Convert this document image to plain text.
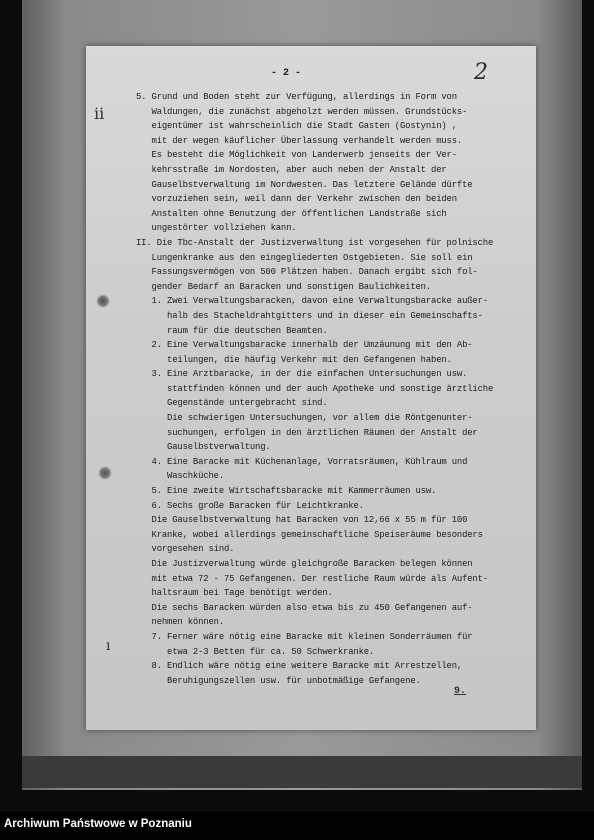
- 2 -	2
5. Grund und Boden steht zur Verfügung, allerdings in Form von
Waldungen, die zunächst abgeholzt werden müssen. Grundstücks-
eigentümer ist wahrscheinlich die Stadt Gasten (Gostynin) ,
mit der wegen käuflicher Überlassung verhandelt werden muss.
Es besteht die Möglichkeit von Landerwerb jenseits der Ver-
kehrsstraße im Nordosten, aber auch neben der Anstalt der
Gauselbstverwaltung im Nordwesten. Das letztere Gelände dürfte
vorzuziehen sein, weil dann der Verkehr zwischen den beiden
Anstalten ohne Benutzung der öffentlichen Landstraße sich
ungestörter vollziehen kann.
II. Die Tbc-Anstalt der Justizverwaltung ist vorgesehen für polnische
Lungenkranke aus den eingegliederten Ostgebieten. Sie soll ein
Fassungsvermögen von 500 Plätzen haben. Danach ergibt sich fol-
gender Bedarf an Baracken und sonstigen Baulichkeiten.
1. Zwei Verwaltungsbaracken, davon eine Verwaltungsbaracke außer-
halb des Stacheldrahtgitters und in dieser ein Gemeinschafts-
raum für die deutschen Beamten.
2. Eine Verwaltungsbaracke innerhalb der Umzäunung mit den Ab-
teilungen, die häufig Verkehr mit den Gefangenen haben.
3. Eine Arztbaracke, in der die einfachen Untersuchungen usw.
stattfinden können und der auch Apotheke und sonstige ärztliche
Gegenstände untergebracht sind.
Die schwierigen Untersuchungen, vor allem die Röntgenunter-
suchungen, erfolgen in den ärztlichen Räumen der Anstalt der
Gauselbstverwaltung.
4. Eine Baracke mit Küchenanlage, Vorratsräumen, Kühlraum und
Waschküche.
5. Eine zweite Wirtschaftsbaracke mit Kammerräumen usw.
6. Sechs große Baracken für Leichtkranke.
Die Gauselbstverwaltung hat Baracken von 12,66 x 55 m für 100
Kranke, wobei allerdings gemeinschaftliche Speiseräume besonders
vorgesehen sind.
Die Justizverwaltung würde gleichgroße Baracken belegen können
mit etwa 72 - 75 Gefangenen. Der restliche Raum würde als Aufent-
haltsraum bei Tage benötigt werden.
Die sechs Baracken würden also etwa bis zu 450 Gefangenen auf-
nehmen können.
7. Ferner wäre nötig eine Baracke mit kleinen Sonderräumen für
etwa 2-3 Betten für ca. 50 Schwerkranke.
8. Endlich wäre nötig eine weitere Baracke mit Arrestzellen,
Beruhigungszellen usw. für unbotmäßige Gefangene.
ⅱ
ı
9.
Archiwum Państwowe w Poznaniu
